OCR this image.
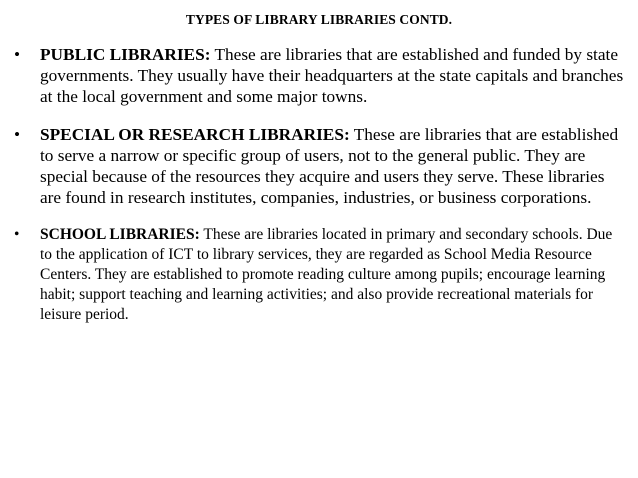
TYPES OF LIBRARY LIBRARIES CONTD.
• PUBLIC LIBRARIES: These are libraries that are established and funded by state governments. They usually have their headquarters at the state capitals and branches at the local government and some major towns.
• SPECIAL OR RESEARCH LIBRARIES: These are libraries that are established to serve a narrow or specific group of users, not to the general public. They are special because of the resources they acquire and users they serve. These libraries are found in research institutes, companies, industries, or business corporations.
• SCHOOL LIBRARIES: These are libraries located in primary and secondary schools. Due to the application of ICT to library services, they are regarded as School Media Resource Centers. They are established to promote reading culture among pupils; encourage learning habit; support teaching and learning activities; and also provide recreational materials for leisure period.
